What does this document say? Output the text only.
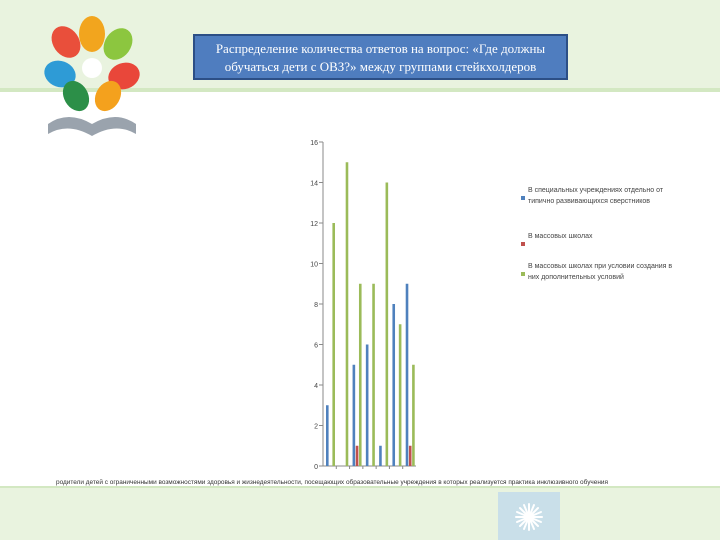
Распределение количества ответов на вопрос: «Где должны
обучаться дети с ОВЗ?» между группами стейкхолдеров
0
2
4
6
8
10
12
14
16
родители детей с ограниченными возможностями здоровья и жизнедеятельности, посещающих образовательные учреждения в которых реализуется практика инклюзивного обучения
В специальных учреждениях отдельно от
типично развивающихся сверстников
В массовых школах
В массовых школах при условии создания в
них дополнительных условий
